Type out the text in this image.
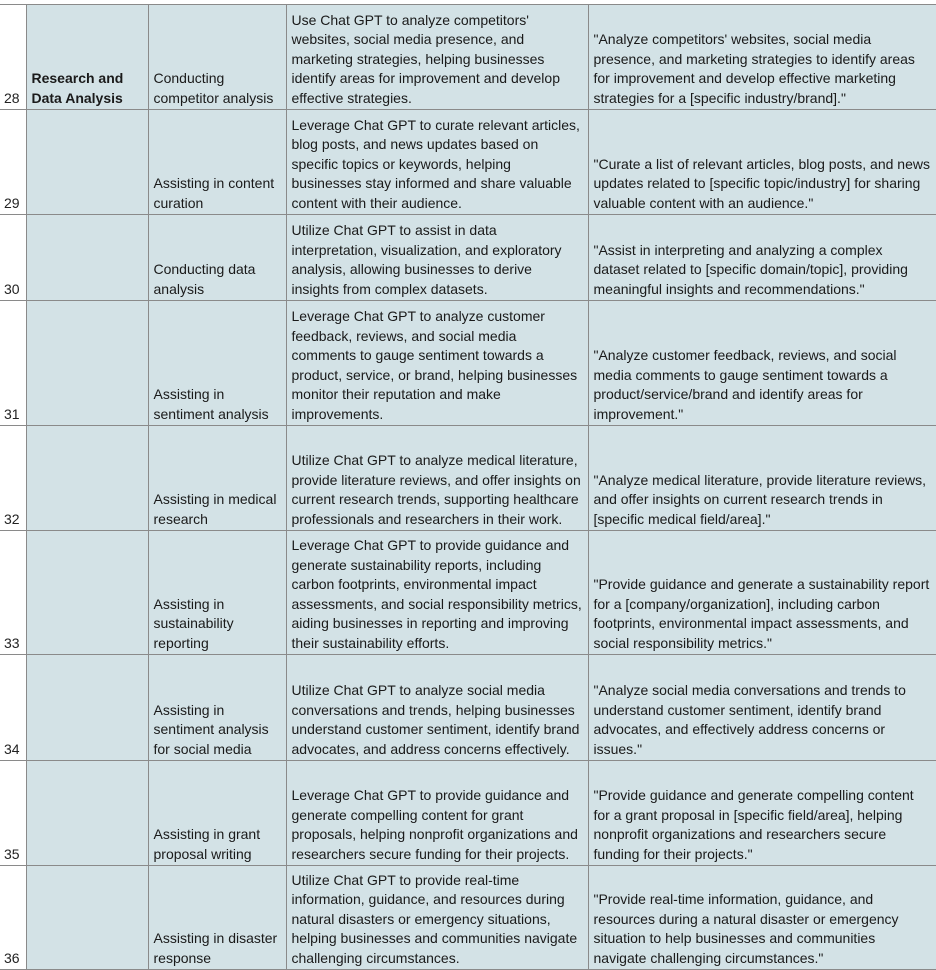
28	Research and Data Analysis	Conducting competitor analysis	Use Chat GPT to analyze competitors' websites, social media presence, and marketing strategies, helping businesses identify areas for improvement and develop effective strategies.	"Analyze competitors' websites, social media presence, and marketing strategies to identify areas for improvement and develop effective marketing strategies for a [specific industry/brand]."
29		Assisting in content curation	Leverage Chat GPT to curate relevant articles, blog posts, and news updates based on specific topics or keywords, helping businesses stay informed and share valuable content with their audience.	"Curate a list of relevant articles, blog posts, and news updates related to [specific topic/industry] for sharing valuable content with an audience."
30		Conducting data analysis	Utilize Chat GPT to assist in data interpretation, visualization, and exploratory analysis, allowing businesses to derive insights from complex datasets.	"Assist in interpreting and analyzing a complex dataset related to [specific domain/topic], providing meaningful insights and recommendations."
31		Assisting in sentiment analysis	Leverage Chat GPT to analyze customer feedback, reviews, and social media comments to gauge sentiment towards a product, service, or brand, helping businesses monitor their reputation and make improvements.	"Analyze customer feedback, reviews, and social media comments to gauge sentiment towards a product/service/brand and identify areas for improvement."
32		Assisting in medical research	Utilize Chat GPT to analyze medical literature, provide literature reviews, and offer insights on current research trends, supporting healthcare professionals and researchers in their work.	"Analyze medical literature, provide literature reviews, and offer insights on current research trends in [specific medical field/area]."
33		Assisting in sustainability reporting	Leverage Chat GPT to provide guidance and generate sustainability reports, including carbon footprints, environmental impact assessments, and social responsibility metrics, aiding businesses in reporting and improving their sustainability efforts.	"Provide guidance and generate a sustainability report for a [company/organization], including carbon footprints, environmental impact assessments, and social responsibility metrics."
34		Assisting in sentiment analysis for social media	Utilize Chat GPT to analyze social media conversations and trends, helping businesses understand customer sentiment, identify brand advocates, and address concerns effectively.	"Analyze social media conversations and trends to understand customer sentiment, identify brand advocates, and effectively address concerns or issues."
35		Assisting in grant proposal writing	Leverage Chat GPT to provide guidance and generate compelling content for grant proposals, helping nonprofit organizations and researchers secure funding for their projects.	"Provide guidance and generate compelling content for a grant proposal in [specific field/area], helping nonprofit organizations and researchers secure funding for their projects."
36		Assisting in disaster response	Utilize Chat GPT to provide real-time information, guidance, and resources during natural disasters or emergency situations, helping businesses and communities navigate challenging circumstances.	"Provide real-time information, guidance, and resources during a natural disaster or emergency situation to help businesses and communities navigate challenging circumstances."
